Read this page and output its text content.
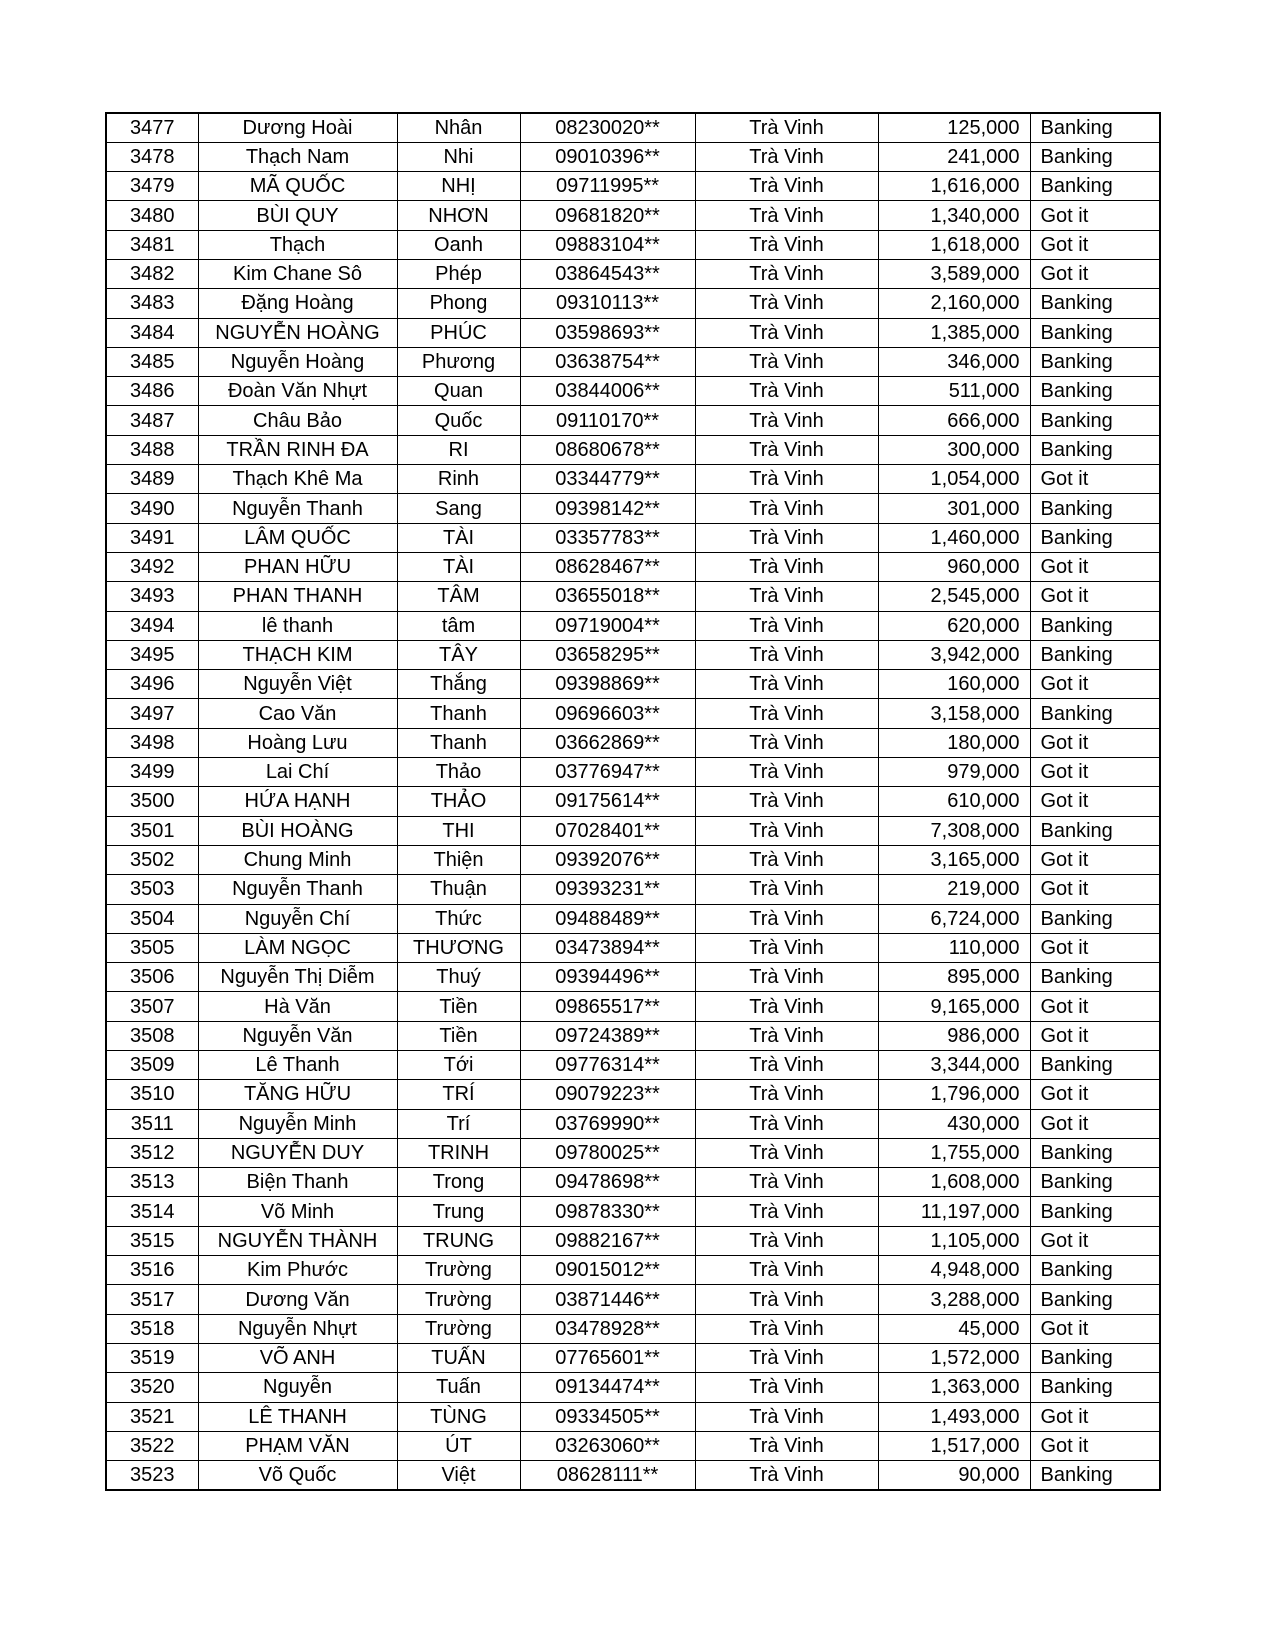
3477	Dương Hoài	Nhân	08230020**	Trà Vinh	125,000	Banking
3478	Thạch Nam	Nhi	09010396**	Trà Vinh	241,000	Banking
3479	MÃ QUỐC	NHỊ	09711995**	Trà Vinh	1,616,000	Banking
3480	BÙI QUY	NHƠN	09681820**	Trà Vinh	1,340,000	Got it
3481	Thạch	Oanh	09883104**	Trà Vinh	1,618,000	Got it
3482	Kim Chane Sô	Phép	03864543**	Trà Vinh	3,589,000	Got it
3483	Đặng Hoàng	Phong	09310113**	Trà Vinh	2,160,000	Banking
3484	NGUYỄN HOÀNG	PHÚC	03598693**	Trà Vinh	1,385,000	Banking
3485	Nguyễn Hoàng	Phương	03638754**	Trà Vinh	346,000	Banking
3486	Đoàn Văn Nhựt	Quan	03844006**	Trà Vinh	511,000	Banking
3487	Châu Bảo	Quốc	09110170**	Trà Vinh	666,000	Banking
3488	TRẦN RINH ĐA	RI	08680678**	Trà Vinh	300,000	Banking
3489	Thạch Khê Ma	Rinh	03344779**	Trà Vinh	1,054,000	Got it
3490	Nguyễn Thanh	Sang	09398142**	Trà Vinh	301,000	Banking
3491	LÂM QUỐC	TÀI	03357783**	Trà Vinh	1,460,000	Banking
3492	PHAN HỮU	TÀI	08628467**	Trà Vinh	960,000	Got it
3493	PHAN THANH	TÂM	03655018**	Trà Vinh	2,545,000	Got it
3494	lê thanh	tâm	09719004**	Trà Vinh	620,000	Banking
3495	THẠCH KIM	TÂY	03658295**	Trà Vinh	3,942,000	Banking
3496	Nguyễn Việt	Thắng	09398869**	Trà Vinh	160,000	Got it
3497	Cao Văn	Thanh	09696603**	Trà Vinh	3,158,000	Banking
3498	Hoàng Lưu	Thanh	03662869**	Trà Vinh	180,000	Got it
3499	Lai Chí	Thảo	03776947**	Trà Vinh	979,000	Got it
3500	HỨA HẠNH	THẢO	09175614**	Trà Vinh	610,000	Got it
3501	BÙI HOÀNG	THI	07028401**	Trà Vinh	7,308,000	Banking
3502	Chung Minh	Thiện	09392076**	Trà Vinh	3,165,000	Got it
3503	Nguyễn Thanh	Thuận	09393231**	Trà Vinh	219,000	Got it
3504	Nguyễn Chí	Thức	09488489**	Trà Vinh	6,724,000	Banking
3505	LÀM NGỌC	THƯƠNG	03473894**	Trà Vinh	110,000	Got it
3506	Nguyễn Thị Diễm	Thuý	09394496**	Trà Vinh	895,000	Banking
3507	Hà Văn	Tiền	09865517**	Trà Vinh	9,165,000	Got it
3508	Nguyễn Văn	Tiền	09724389**	Trà Vinh	986,000	Got it
3509	Lê Thanh	Tới	09776314**	Trà Vinh	3,344,000	Banking
3510	TĂNG HỮU	TRÍ	09079223**	Trà Vinh	1,796,000	Got it
3511	Nguyễn Minh	Trí	03769990**	Trà Vinh	430,000	Got it
3512	NGUYỄN DUY	TRINH	09780025**	Trà Vinh	1,755,000	Banking
3513	Biện Thanh	Trong	09478698**	Trà Vinh	1,608,000	Banking
3514	Võ Minh	Trung	09878330**	Trà Vinh	11,197,000	Banking
3515	NGUYỄN THÀNH	TRUNG	09882167**	Trà Vinh	1,105,000	Got it
3516	Kim Phước	Trường	09015012**	Trà Vinh	4,948,000	Banking
3517	Dương Văn	Trường	03871446**	Trà Vinh	3,288,000	Banking
3518	Nguyễn Nhựt	Trường	03478928**	Trà Vinh	45,000	Got it
3519	VÕ ANH	TUẤN	07765601**	Trà Vinh	1,572,000	Banking
3520	Nguyễn	Tuấn	09134474**	Trà Vinh	1,363,000	Banking
3521	LÊ THANH	TÙNG	09334505**	Trà Vinh	1,493,000	Got it
3522	PHẠM VĂN	ÚT	03263060**	Trà Vinh	1,517,000	Got it
3523	Võ Quốc	Việt	08628111**	Trà Vinh	90,000	Banking
